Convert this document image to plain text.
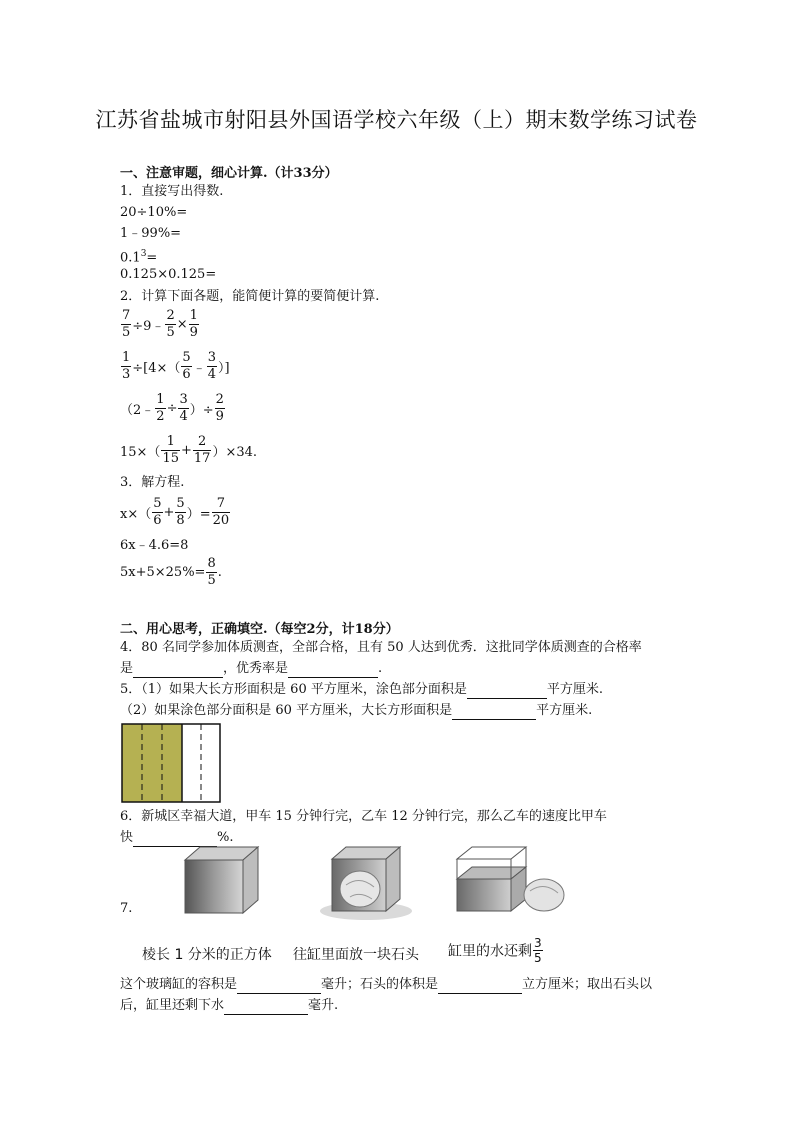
江苏省盐城市射阳县外国语学校六年级（上）期末数学练习试卷
一、注意审题，细心计算.（计33分）
1．直接写出得数.
20÷10%=
1﹣99%=
$0.1^3=$
0.125×0.125=
2．计算下面各题，能简便计算的要简便计算.
$\frac{7}{5}$ ÷9﹣ $\frac{2}{5} \times \frac{1}{9}$
$\frac{1}{3} \div[4\times( \frac{5}{6}$ ﹣ $\frac{3}{4}$ ）]
（2﹣ $\frac{1}{2} \div \frac{3}{4}$ ）÷ $\frac{2}{9}$
$15\times( \frac{1}{15} + \frac{2}{17} )\times 34$.
3．解方程.
$x\times( \frac{5}{6} + \frac{5}{8}$ ）= $\frac{7}{20}$
6x﹣4.6=8
$5x+5\times 25\%= \frac{8}{5}$ .
二、用心思考，正确填空.（每空2分，计18分）
4．80 名同学参加体质测查，全部合格，且有 50 人达到优秀．这批同学体质测查的合格率
是	，优秀率是	.
5．（1）如果大长方形面积是 60 平方厘米，涂色部分面积是	平方厘米.
（2）如果涂色部分面积是 60 平方厘米，大长方形面积是	平方厘米.
6．新城区幸福大道，甲车 15 分钟行完，乙车 12 分钟行完，那么乙车的速度比甲车
快	%.
7.
棱长 1 分米的正方体 往缸里面放一块石头 缸里的水还剩 $\frac{3}{5}$
这个玻璃缸的容积是	毫升；石头的体积是	立方厘米；取出石头以
后，缸里还剩下水	毫升.
